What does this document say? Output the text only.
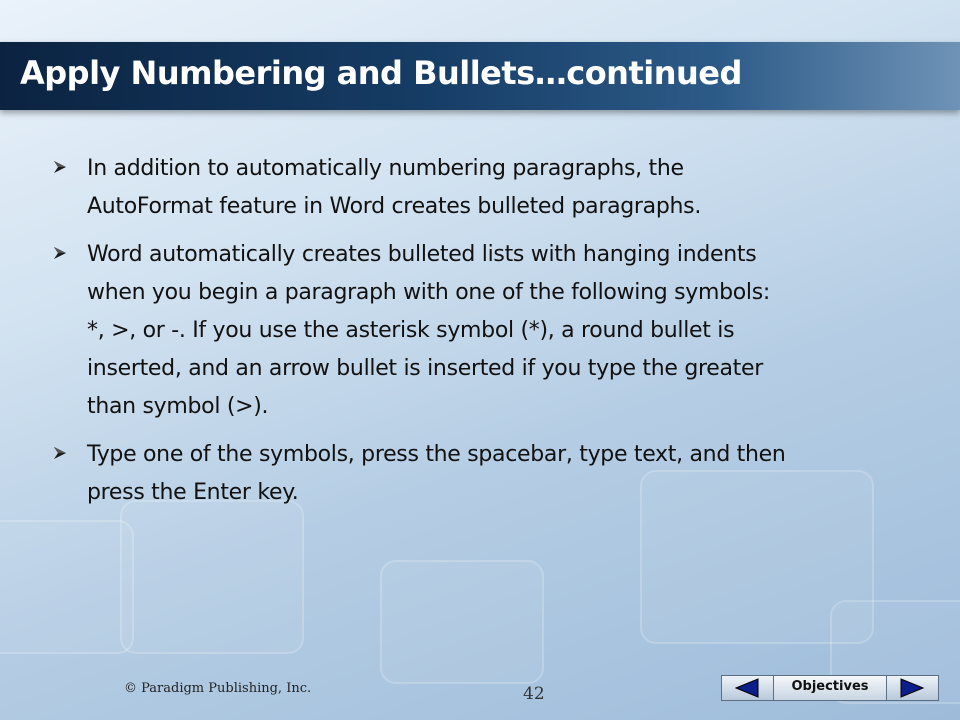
Apply Numbering and Bullets…continued
In addition to automatically numbering paragraphs, the
AutoFormat feature in Word creates bulleted paragraphs.
Word automatically creates bulleted lists with hanging indents
when you begin a paragraph with one of the following symbols:
*, >, or -. If you use the asterisk symbol (*), a round bullet is
inserted, and an arrow bullet is inserted if you type the greater
than symbol (>).
Type one of the symbols, press the spacebar, type text, and then
press the Enter key.
© Paradigm Publishing, Inc.	42	Objectives
